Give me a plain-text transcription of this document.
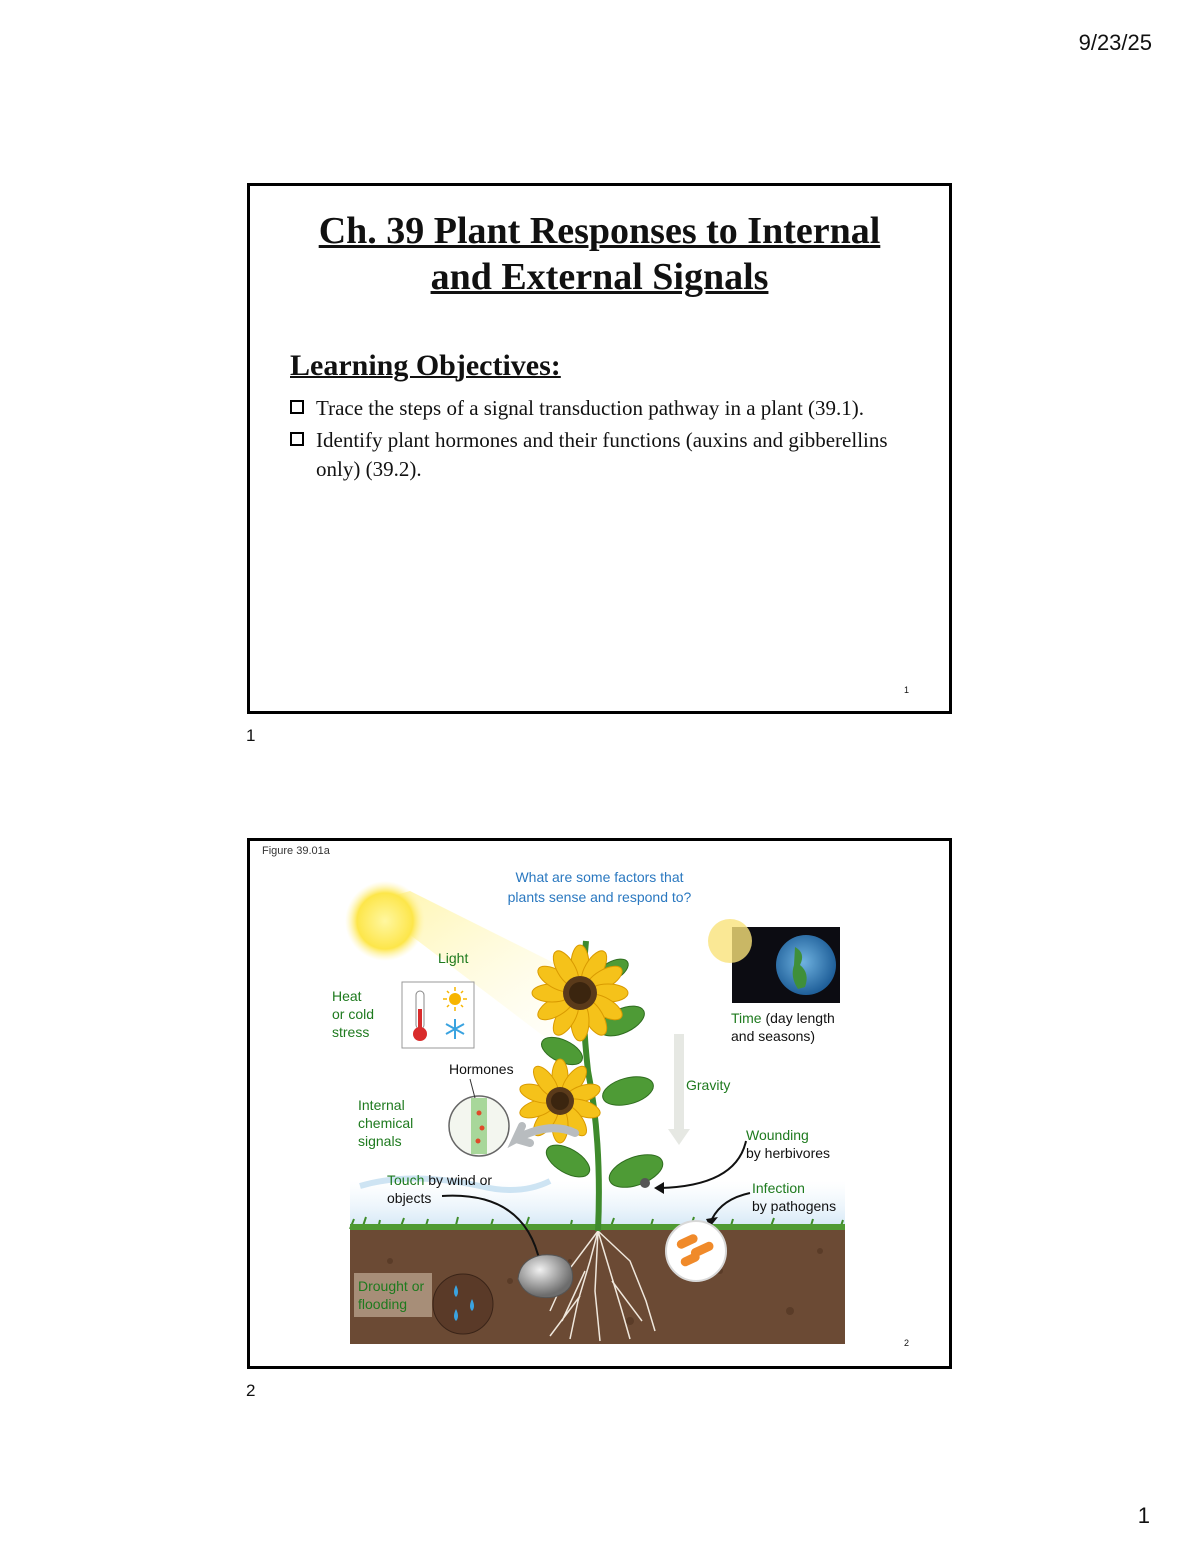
9/23/25
Ch. 39 Plant Responses to Internal
and External Signals
Learning Objectives:
Trace the steps of a signal transduction pathway in a plant (39.1).
Identify plant hormones and their functions (auxins and gibberellins only) (39.2).
1
1
Figure 39.01a
What are some factors that
plants sense and respond to?
Light
Heat
or cold
stress
Hormones
Internal
chemical
signals
Touch by wind or
objects
Drought or
flooding
Time (day length
and seasons)
Gravity
Wounding
by herbivores
Infection
by pathogens
2
2
1
